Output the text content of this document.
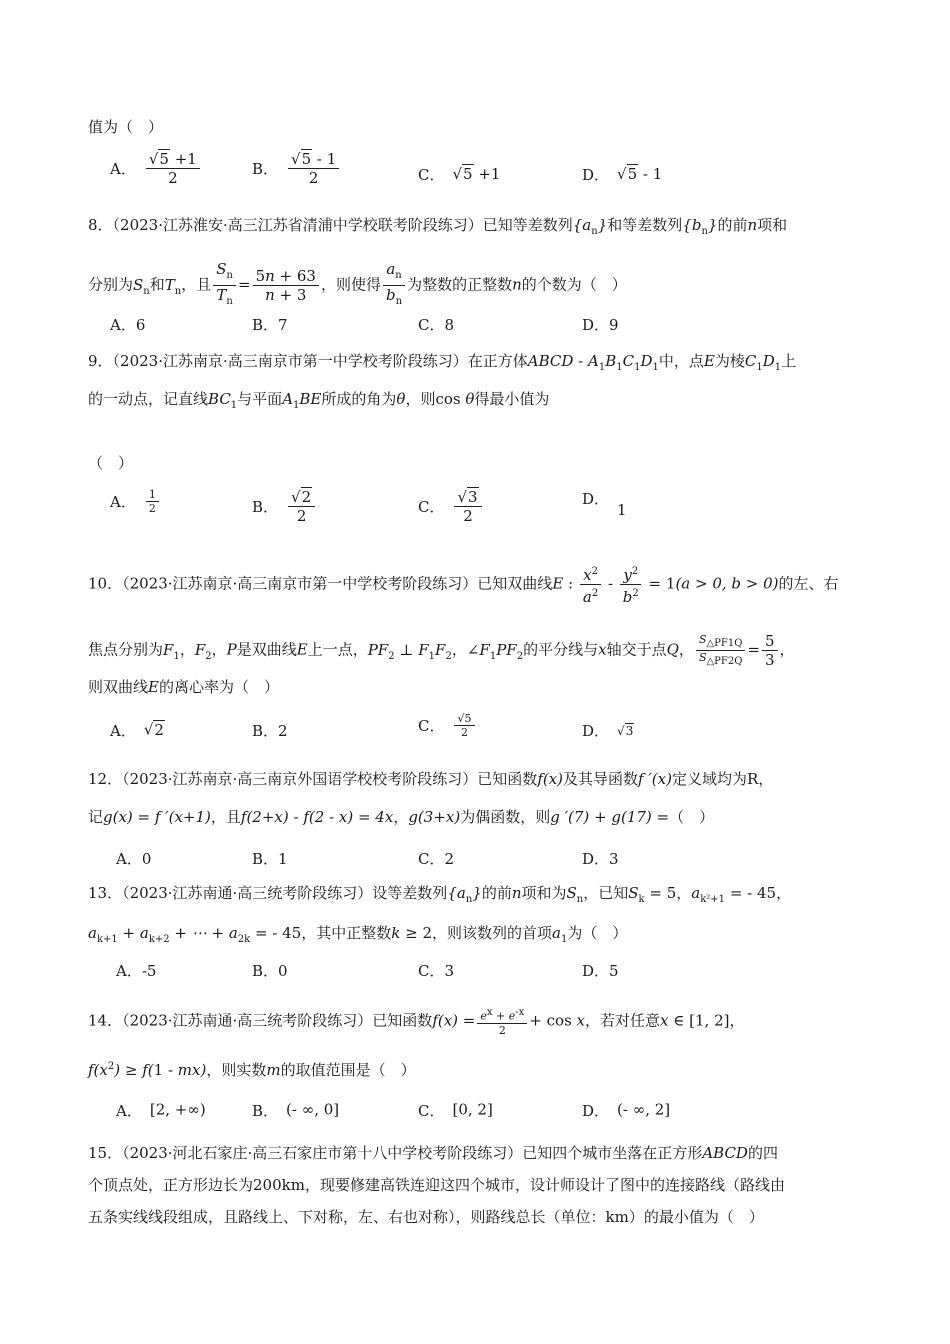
值为（　）
A． $\frac{√5 +1}{2}$	B． $\frac{√5 - 1}{2}$	C． √5 +1	D． √5 - 1
8．（2023·江苏淮安·高三江苏省清浦中学校联考阶段练习）已知等差数列$\{a_n\}$和等差数列$\{b_n\}$的前n项和
分别为$S_n$和$T_n$，且 $\frac{S_n}{T_n} = \frac{5n + 63}{n + 3}$ ，则使得 $\frac{a_n}{b_n}$ 为整数的正整数n的个数为（　）
A．6	B．7	C．8	D．9
9．（2023·江苏南京·高三南京市第一中学校考阶段练习）在正方体ABCD - $A_1B_1C_1D_1$中，点E为棱$C_1D_1$上
的一动点，记直线$BC_1$与平面$A_1BE$所成的角为θ，则cos θ得最小值为
（　）
A． $\frac{1}{2}$	B． $\frac{√2}{2}$	C． $\frac{√3}{2}$	D．1
10．（2023·江苏南京·高三南京市第一中学校考阶段练习）已知双曲线E : $\frac{x^2}{a^2} - \frac{y^2}{b^2} = 1(a > 0$, b > 0)的左、右
焦点分别为$F_1$，$F_2$，P是双曲线E上一点，$PF_2$ ⊥ $F_1F_2$，$\angle F_1PF_2$的平分线与x轴交于点Q， $\frac{S_{\triangle PF1Q}}{S_{\triangle PF2Q}} = \frac{5}{3}$ ，
则双曲线E的离心率为（　）
A． √2	B．2	C． $\frac{√5}{2}$	D． √3
12．（2023·江苏南京·高三南京外国语学校校考阶段练习）已知函数f(x)及其导函数f ′(x)定义域均为R，
记g(x) = f ′(x+1)，且f(2+x) - f(2 - x) = 4x，g(3+x)为偶函数，则g ′(7) + g(17) =（　）
A．0	B．1	C．2	D．3
13．（2023·江苏南通·高三统考阶段练习）设等差数列$\{a_n\}$的前n项和为$S_n$，已知$S_k = 5$，$a_{k^2+1}$ = - 45，
$a_{k+1} + a_{k+2}$ + ⋯ + $a_{2k}$ = - 45，其中正整数k ≥ 2，则该数列的首项$a_1$为（　）
A．-5	B．0	C．3	D．5
14．（2023·江苏南通·高三统考阶段练习）已知函数$f(x) = \frac{e^x + e^{-x}}{2} + \cos x$，若对任意x ∈ [1, 2]，
$f(x^2) \ge f(1 - mx)$，则实数m的取值范围是（　）
A． [2, +∞)	B． (- ∞, 0]	C． [0, 2]	D． (- ∞, 2]
15．（2023·河北石家庄·高三石家庄市第十八中学校考阶段练习）已知四个城市坐落在正方形ABCD的四
个顶点处，正方形边长为200km，现要修建高铁连迎这四个城市，设计师设计了图中的连接路线（路线由
五条实线线段组成，且路线上、下对称，左、右也对称），则路线总长（单位：km）的最小值为（　）
